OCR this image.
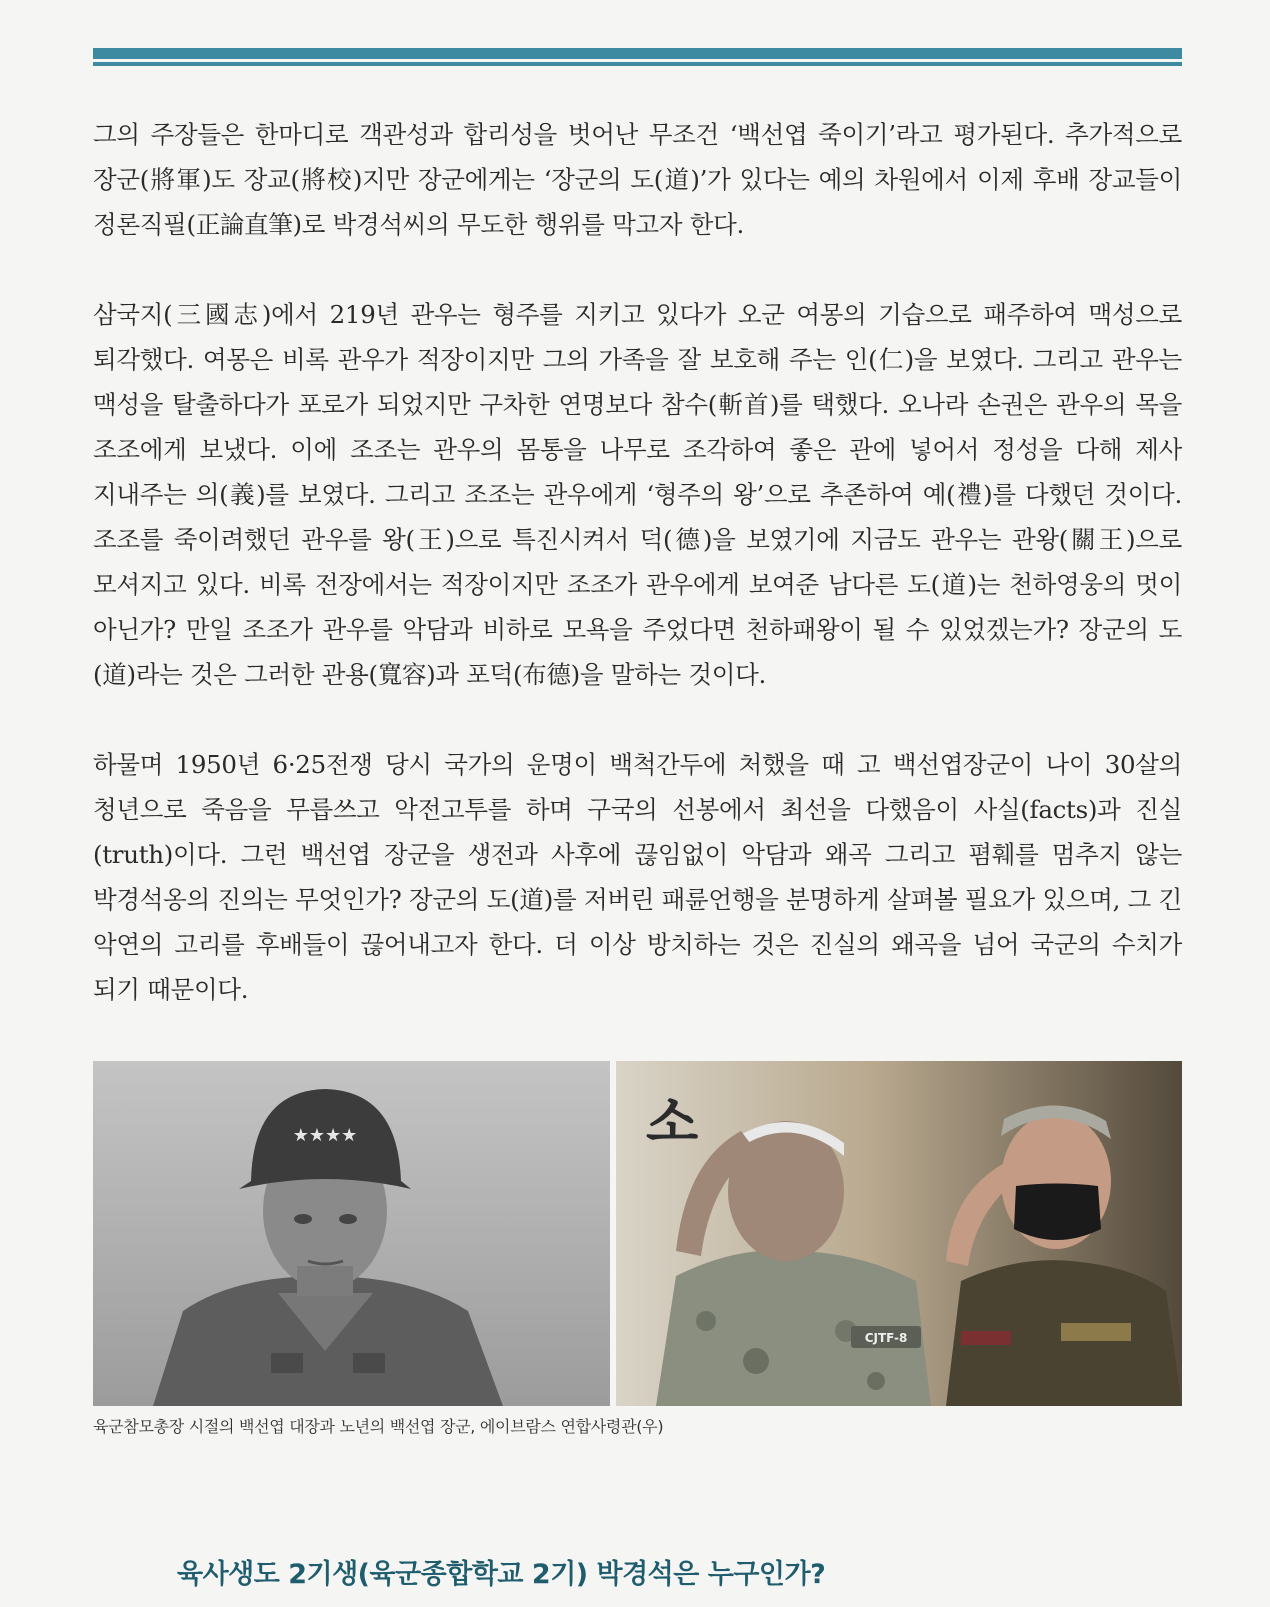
그의 주장들은 한마디로 객관성과 합리성을 벗어난 무조건 ‘백선엽 죽이기’라고 평가된다. 추가적으로 장군(將軍)도 장교(將校)지만 장군에게는 ‘장군의 도(道)’가 있다는 예의 차원에서 이제 후배 장교들이 정론직필(正論直筆)로 박경석씨의 무도한 행위를 막고자 한다.

삼국지(三國志)에서 219년 관우는 형주를 지키고 있다가 오군 여몽의 기습으로 패주하여 맥성으로 퇴각했다. 여몽은 비록 관우가 적장이지만 그의 가족을 잘 보호해 주는 인(仁)을 보였다. 그리고 관우는 맥성을 탈출하다가 포로가 되었지만 구차한 연명보다 참수(斬首)를 택했다. 오나라 손권은 관우의 목을 조조에게 보냈다. 이에 조조는 관우의 몸통을 나무로 조각하여 좋은 관에 넣어서 정성을 다해 제사 지내주는 의(義)를 보였다. 그리고 조조는 관우에게 ‘형주의 왕’으로 추존하여 예(禮)를 다했던 것이다. 조조를 죽이려했던 관우를 왕(王)으로 특진시켜서 덕(德)을 보였기에 지금도 관우는 관왕(關王)으로 모셔지고 있다. 비록 전장에서는 적장이지만 조조가 관우에게 보여준 남다른 도(道)는 천하영웅의 멋이 아닌가? 만일 조조가 관우를 악담과 비하로 모욕을 주었다면 천하패왕이 될 수 있었겠는가? 장군의 도(道)라는 것은 그러한 관용(寬容)과 포덕(布德)을 말하는 것이다.

하물며 1950년 6·25전쟁 당시 국가의 운명이 백척간두에 처했을 때 고 백선엽장군이 나이 30살의 청년으로 죽음을 무릅쓰고 악전고투를 하며 구국의 선봉에서 최선을 다했음이 사실(facts)과 진실(truth)이다. 그런 백선엽 장군을 생전과 사후에 끊임없이 악담과 왜곡 그리고 폄훼를 멈추지 않는 박경석옹의 진의는 무엇인가? 장군의 도(道)를 저버린 패륜언행을 분명하게 살펴볼 필요가 있으며, 그 긴 악연의 고리를 후배들이 끊어내고자 한다. 더 이상 방치하는 것은 진실의 왜곡을 넘어 국군의 수치가 되기 때문이다.

★★★★	소
CJTF-8
육군참모총장 시절의 백선엽 대장과 노년의 백선엽 장군, 에이브람스 연합사령관(우)
육사생도 2기생(육군종합학교 2기) 박경석은 누구인가?
